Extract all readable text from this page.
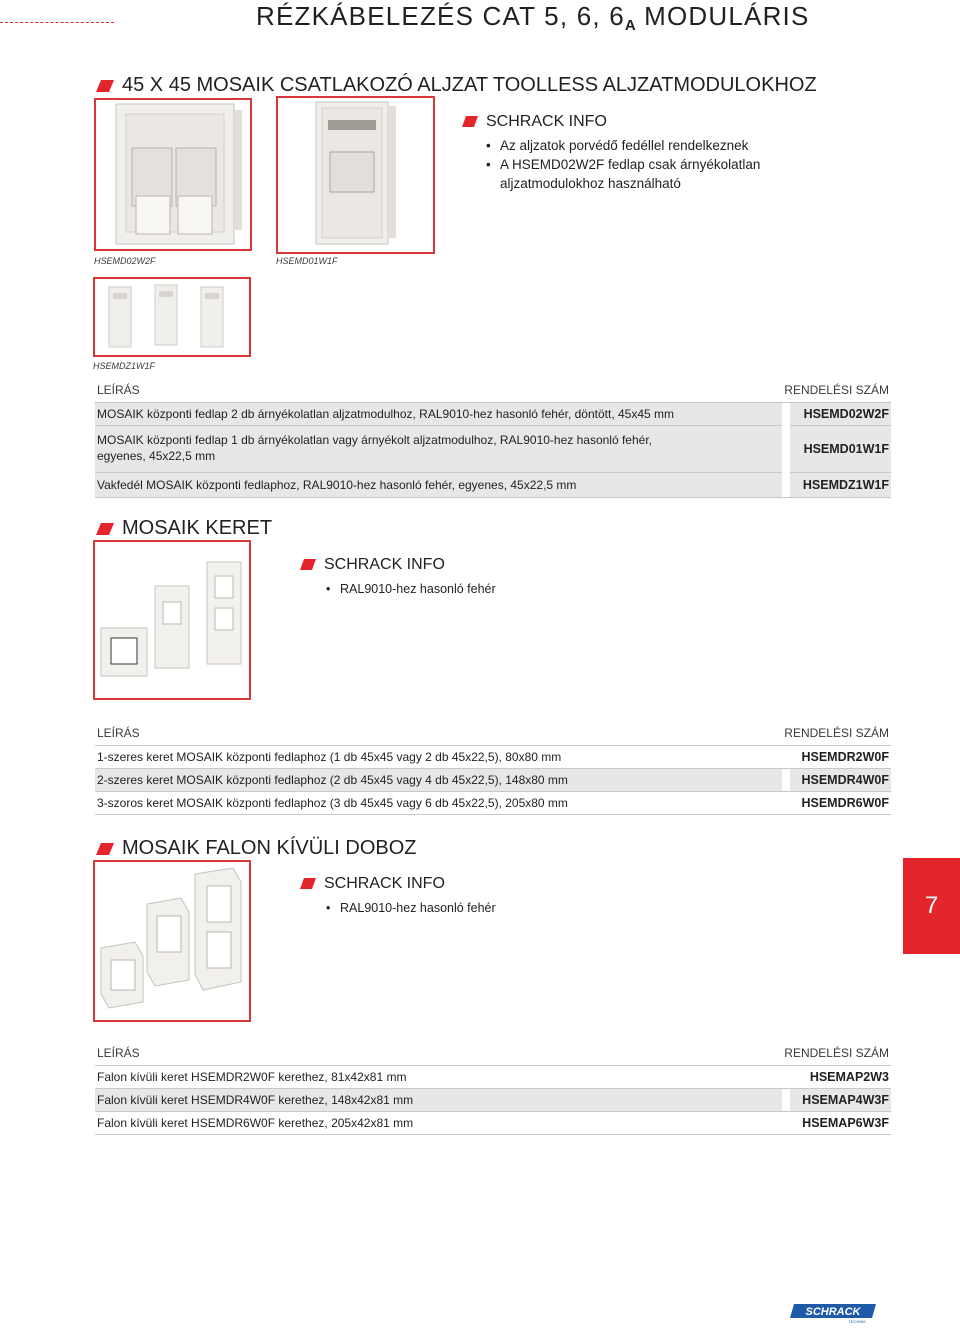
RÉZKÁBELEZÉS CAT 5, 6, $6_A$ MODULÁRIS
45 X 45 MOSAIK CSATLAKOZÓ ALJZAT TOOLLESS ALJZATMODULOKHOZ
HSEMD02W2F	HSEMD01W1F
SCHRACK INFO
• Az aljzatok porvédő fedéllel rendelkeznek
• A HSEMD02W2F fedlap csak árnyékolatlan
aljzatmodulokhoz használható
HSEMDZ1W1F
LEÍRÁS	RENDELÉSI SZÁM
MOSAIK központi fedlap 2 db árnyékolatlan aljzatmodulhoz, RAL9010-hez hasonló fehér, döntött, 45x45 mm	HSEMD02W2F
MOSAIK központi fedlap 1 db árnyékolatlan vagy árnyékolt aljzatmodulhoz, RAL9010-hez hasonló fehér,
egyenes, 45x22,5 mm	HSEMD01W1F
Vakfedél MOSAIK központi fedlaphoz, RAL9010-hez hasonló fehér, egyenes, 45x22,5 mm	HSEMDZ1W1F
MOSAIK KERET
SCHRACK INFO
• RAL9010-hez hasonló fehér
LEÍRÁS	RENDELÉSI SZÁM
1-szeres keret MOSAIK központi fedlaphoz (1 db 45x45 vagy 2 db 45x22,5), 80x80 mm	HSEMDR2W0F
2-szeres keret MOSAIK központi fedlaphoz (2 db 45x45 vagy 4 db 45x22,5), 148x80 mm	HSEMDR4W0F
3-szoros keret MOSAIK központi fedlaphoz (3 db 45x45 vagy 6 db 45x22,5), 205x80 mm	HSEMDR6W0F
MOSAIK FALON KÍVÜLI DOBOZ
SCHRACK INFO
• RAL9010-hez hasonló fehér
LEÍRÁS	RENDELÉSI SZÁM
Falon kívüli keret HSEMDR2W0F kerethez, 81x42x81 mm	HSEMAP2W3
Falon kívüli keret HSEMDR4W0F kerethez, 148x42x81 mm	HSEMAP4W3F
Falon kívüli keret HSEMDR6W0F kerethez, 205x42x81 mm	HSEMAP6W3F
7
SCHRACK
TECHNIK
